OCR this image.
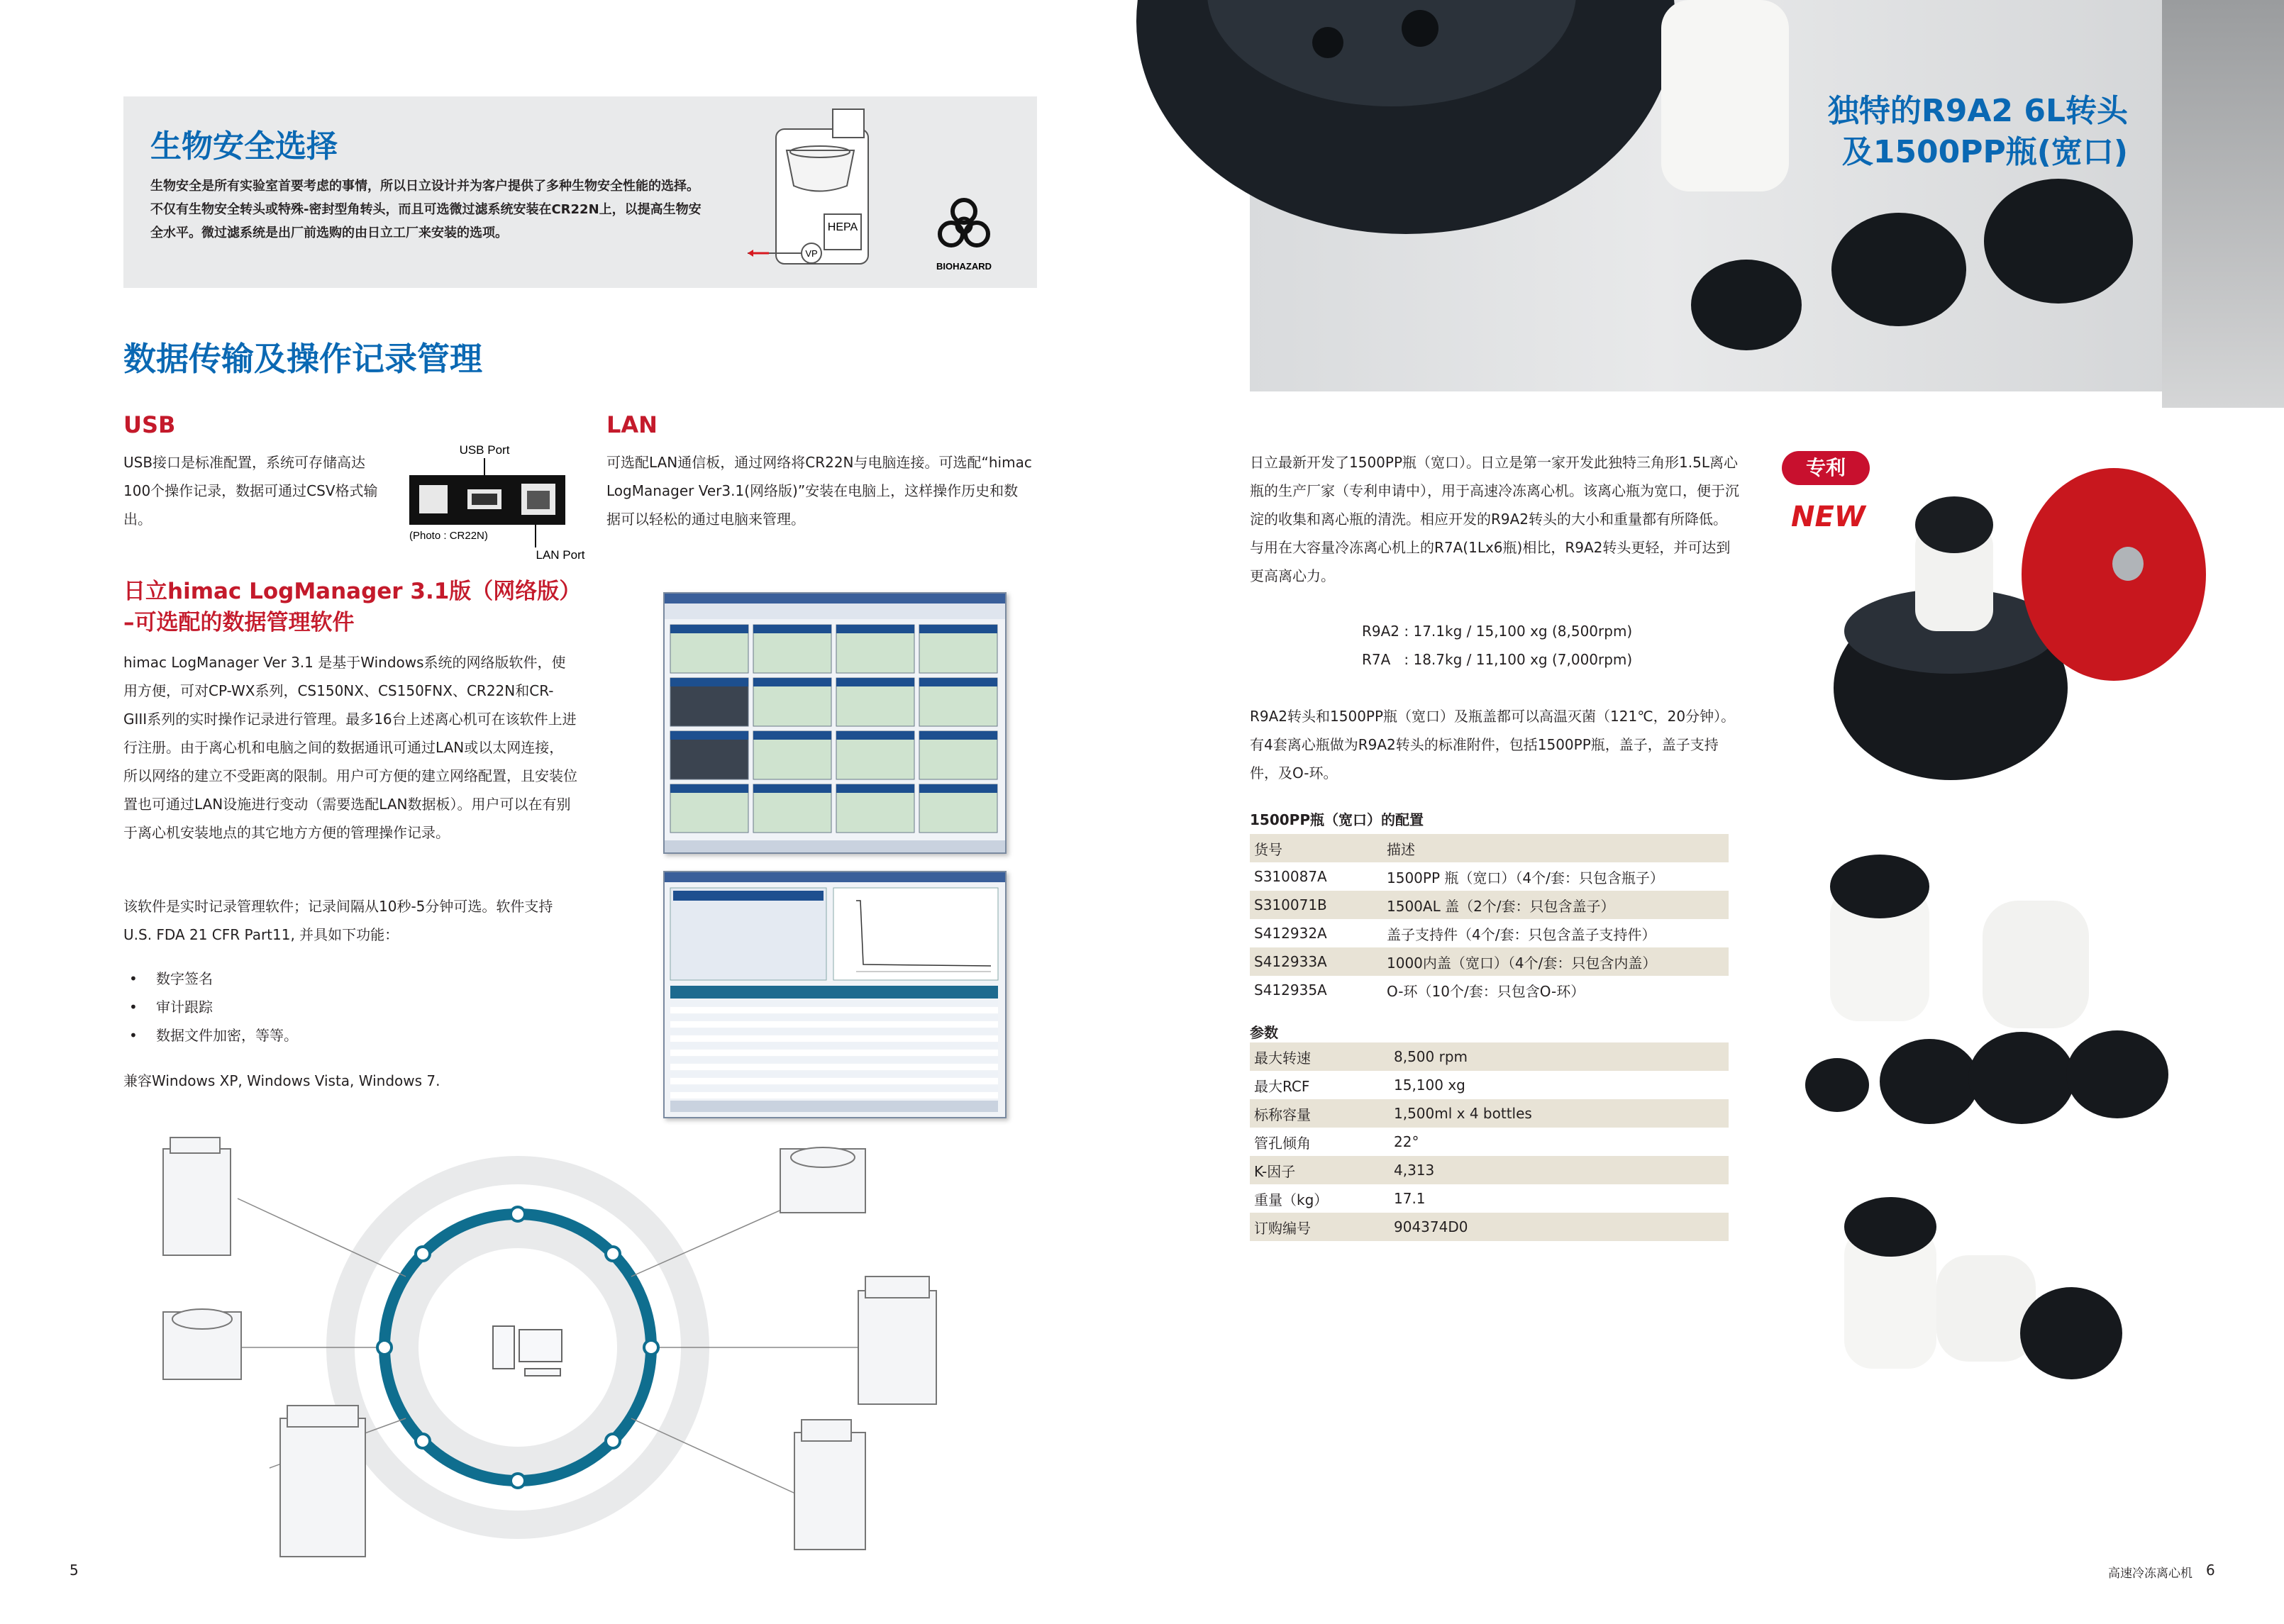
生物安全选择
生物安全是所有实验室首要考虑的事情，所以日立设计并为客户提供了多种生物安全性能的选择。不仅有生物安全转头或特殊-密封型角转头，而且可选微过滤系统安装在CR22N上，以提高生物安全水平。微过滤系统是出厂前选购的由日立工厂来安装的选项。	HEPA
VP
BIOHAZARD
数据传输及操作记录管理
USB
USB接口是标准配置，系统可存储高达100个操作记录，数据可通过CSV格式输出。
USB Port
(Photo : CR22N)
LAN Port
LAN
可选配LAN通信板，通过网络将CR22N与电脑连接。可选配“himac LogManager Ver3.1(网络版)”安装在电脑上，这样操作历史和数据可以轻松的通过电脑来管理。
日立himac LogManager 3.1版（网络版）
–可选配的数据管理软件
himac LogManager Ver 3.1 是基于Windows系统的网络版软件，使用方便，可对CP-WX系列，CS150NX、CS150FNX、CR22N和CR-GIII系列的实时操作记录进行管理。最多16台上述离心机可在该软件上进行注册。由于离心机和电脑之间的数据通讯可通过LAN或以太网连接，所以网络的建立不受距离的限制。用户可方便的建立网络配置，且安装位置也可通过LAN设施进行变动（需要选配LAN数据板）。用户可以在有别于离心机安装地点的其它地方方便的管理操作记录。
该软件是实时记录管理软件；记录间隔从10秒-5分钟可选。软件支持U.S. FDA 21 CFR Part11, 并具如下功能：
• 数字签名
• 审计跟踪
• 数据文件加密，等等。
兼容Windows XP, Windows Vista, Windows 7.
5
独特的R9A2 6L转头
及1500PP瓶(宽口)
日立最新开发了1500PP瓶（宽口）。日立是第一家开发此独特三角形1.5L离心瓶的生产厂家（专利申请中），用于高速冷冻离心机。该离心瓶为宽口，便于沉淀的收集和离心瓶的清洗。相应开发的R9A2转头的大小和重量都有所降低。与用在大容量冷冻离心机上的R7A(1Lx6瓶)相比，R9A2转头更轻，并可达到更高离心力。
R9A2 : 17.1kg / 15,100 xg (8,500rpm)
R7A   : 18.7kg / 11,100 xg (7,000rpm)
R9A2转头和1500PP瓶（宽口）及瓶盖都可以高温灭菌（121℃，20分钟）。有4套离心瓶做为R9A2转头的标准附件，包括1500PP瓶，盖子，盖子支持件，及O-环。
1500PP瓶（宽口）的配置
货号	描述
S310087A	1500PP 瓶（宽口）（4个/套：只包含瓶子）
S310071B	1500AL 盖（2个/套：只包含盖子）
S412932A	盖子支持件（4个/套：只包含盖子支持件）
S412933A	1000内盖（宽口）（4个/套：只包含内盖）
S412935A	O-环（10个/套：只包含O-环）
参数
最大转速	8,500 rpm
最大RCF	15,100 xg
标称容量	1,500ml x 4 bottles
管孔倾角	22°
K-因子	4,313
重量（kg）	17.1
订购编号	904374D0
专利
NEW
高速冷冻离心机 6
